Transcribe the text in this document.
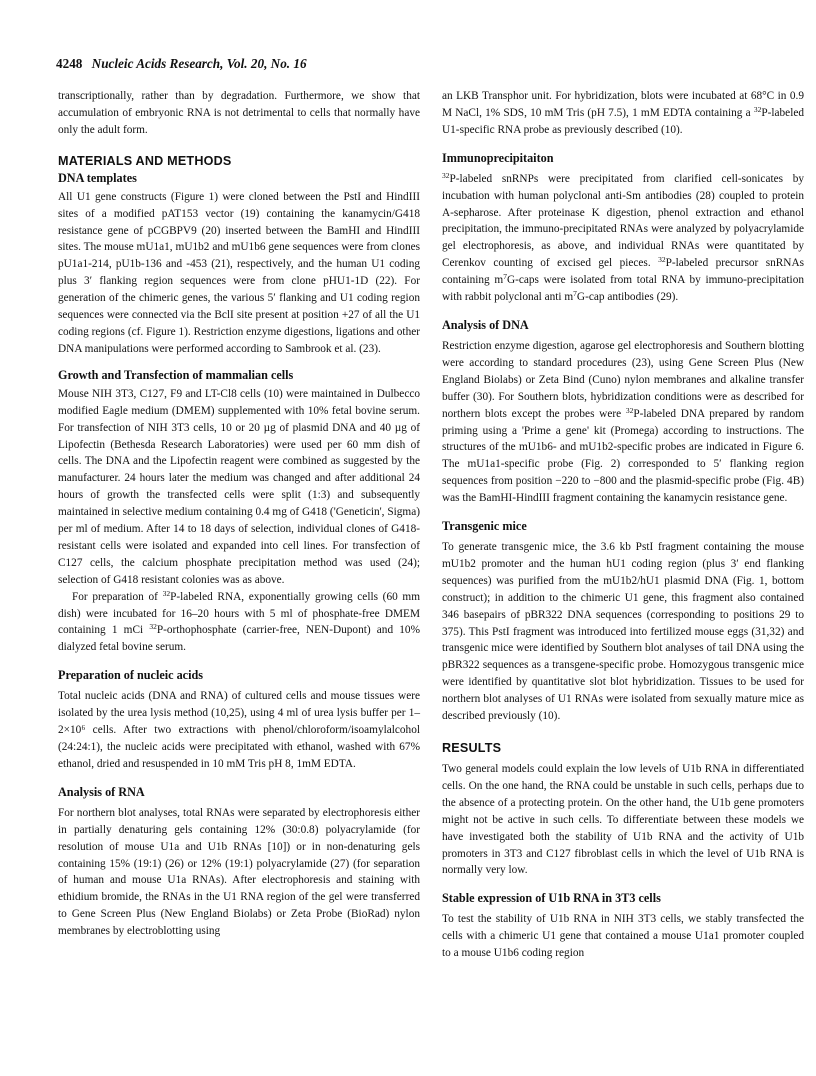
4248 Nucleic Acids Research, Vol. 20, No. 16

transcriptionally, rather than by degradation. Furthermore, we show that accumulation of embryonic RNA is not detrimental to cells that normally have only the adult form.

MATERIALS AND METHODS
DNA templates

All U1 gene constructs (Figure 1) were cloned between the PstI and HindIII sites of a modified pAT153 vector (19) containing the kanamycin/G418 resistance gene of pCGBPV9 (20) inserted between the BamHI and HindIII sites. The mouse mU1a1, mU1b2 and mU1b6 gene sequences were from clones pU1a1-214, pU1b-136 and -453 (21), respectively, and the human U1 coding plus 3′ flanking region sequences were from clone pHU1-1D (22). For generation of the chimeric genes, the various 5′ flanking and U1 coding region sequences were connected via the BclI site present at position +27 of all the U1 coding regions (cf. Figure 1). Restriction enzyme digestions, ligations and other DNA manipulations were performed according to Sambrook et al. (23).

Growth and Transfection of mammalian cells

Mouse NIH 3T3, C127, F9 and LT-Cl8 cells (10) were maintained in Dulbecco modified Eagle medium (DMEM) supplemented with 10% fetal bovine serum. For transfection of NIH 3T3 cells, 10 or 20 µg of plasmid DNA and 40 µg of Lipofectin (Bethesda Research Laboratories) were used per 60 mm dish of cells. The DNA and the Lipofectin reagent were combined as suggested by the manufacturer. 24 hours later the medium was changed and after additional 24 hours of growth the transfected cells were split (1:3) and subsequently maintained in selective medium containing 0.4 mg of G418 ('Geneticin', Sigma) per ml of medium. After 14 to 18 days of selection, individual clones of G418-resistant cells were isolated and expanded into cell lines. For transfection of C127 cells, the calcium phosphate precipitation method was used (24); selection of G418 resistant colonies was as above.

For preparation of $^{32}$P-labeled RNA, exponentially growing cells (60 mm dish) were incubated for 16–20 hours with 5 ml of phosphate-free DMEM containing 1 mCi $^{32}$P-orthophosphate (carrier-free, NEN-Dupont) and 10% dialyzed fetal bovine serum.

Preparation of nucleic acids

Total nucleic acids (DNA and RNA) of cultured cells and mouse tissues were isolated by the urea lysis method (10,25), using 4 ml of urea lysis buffer per 1–2×10⁶ cells. After two extractions with phenol/chloroform/isoamylalcohol (24:24:1), the nucleic acids were precipitated with ethanol, washed with 67% ethanol, dried and resuspended in 10 mM Tris pH 8, 1mM EDTA.

Analysis of RNA

For northern blot analyses, total RNAs were separated by electrophoresis either in partially denaturing gels containing 12% (30:0.8) polyacrylamide (for resolution of mouse U1a and U1b RNAs [10]) or in non-denaturing gels containing 15% (19:1) (26) or 12% (19:1) polyacrylamide (27) (for separation of human and mouse U1a RNAs). After electrophoresis and staining with ethidium bromide, the RNAs in the U1 RNA region of the gel were transferred to Gene Screen Plus (New England Biolabs) or Zeta Probe (BioRad) nylon membranes by electroblotting using

an LKB Transphor unit. For hybridization, blots were incubated at 68°C in 0.9 M NaCl, 1% SDS, 10 mM Tris (pH 7.5), 1 mM EDTA containing a $^{32}$P-labeled U1-specific RNA probe as previously described (10).

Immunoprecipitaiton

$^{32}$P-labeled snRNPs were precipitated from clarified cell-sonicates by incubation with human polyclonal anti-Sm antibodies (28) coupled to protein A-sepharose. After proteinase K digestion, phenol extraction and ethanol precipitation, the immuno-precipitated RNAs were analyzed by polyacrylamide gel electrophoresis, as above, and individual RNAs were quantitated by Cerenkov counting of excised gel pieces. $^{32}$P-labeled precursor snRNAs containing $m^7G$-caps were isolated from total RNA by immuno-precipitation with rabbit polyclonal anti $m^7G$-cap antibodies (29).

Analysis of DNA

Restriction enzyme digestion, agarose gel electrophoresis and Southern blotting were according to standard procedures (23), using Gene Screen Plus (New England Biolabs) or Zeta Bind (Cuno) nylon membranes and alkaline transfer buffer (30). For Southern blots, hybridization conditions were as described for northern blots except the probes were $^{32}$P-labeled DNA prepared by random priming using a 'Prime a gene' kit (Promega) according to instructions. The structures of the mU1b6- and mU1b2-specific probes are indicated in Figure 6. The mU1a1-specific probe (Fig. 2) corresponded to 5′ flanking region sequences from position −220 to −800 and the plasmid-specific probe (Fig. 4B) was the BamHI-HindIII fragment containing the kanamycin resistance gene.

Transgenic mice

To generate transgenic mice, the 3.6 kb PstI fragment containing the mouse mU1b2 promoter and the human hU1 coding region (plus 3′ end flanking sequences) was purified from the mU1b2/hU1 plasmid DNA (Fig. 1, bottom construct); in addition to the chimeric U1 gene, this fragment also contained 346 basepairs of pBR322 DNA sequences (corresponding to positions 29 to 375). This PstI fragment was introduced into fertilized mouse eggs (31,32) and transgenic mice were identified by Southern blot analyses of tail DNA using the pBR322 sequences as a transgene-specific probe. Homozygous transgenic mice were identified by quantitative slot blot hybridization. Tissues to be used for northern blot analyses of U1 RNAs were isolated from sexually mature mice as described previously (10).

RESULTS

Two general models could explain the low levels of U1b RNA in differentiated cells. On the one hand, the RNA could be unstable in such cells, perhaps due to the absence of a protecting protein. On the other hand, the U1b gene promoters might not be active in such cells. To differentiate between these models we have investigated both the stability of U1b RNA and the activity of U1b promoters in 3T3 and C127 fibroblast cells in which the level of U1b RNA is normally very low.

Stable expression of U1b RNA in 3T3 cells

To test the stability of U1b RNA in NIH 3T3 cells, we stably transfected the cells with a chimeric U1 gene that contained a mouse U1a1 promoter coupled to a mouse U1b6 coding region
